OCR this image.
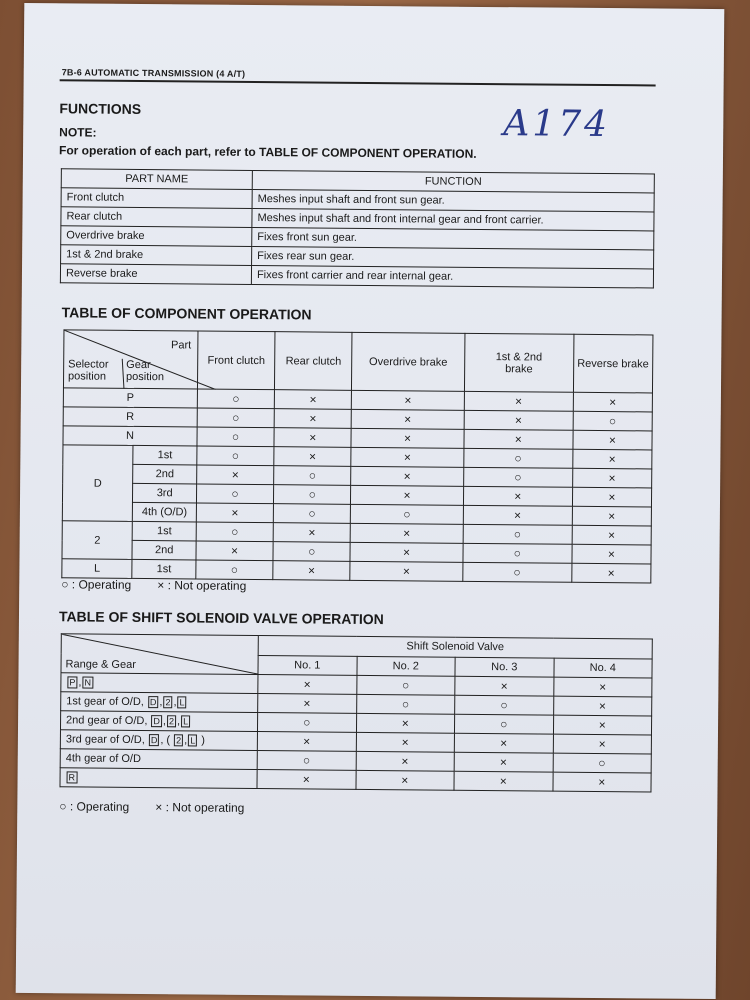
7B-6 AUTOMATIC TRANSMISSION (4 A/T)
A174
FUNCTIONS
NOTE:
For operation of each part, refer to TABLE OF COMPONENT OPERATION.
PART NAME	FUNCTION
Front clutch	Meshes input shaft and front sun gear.
Rear clutch	Meshes input shaft and front internal gear and front carrier.
Overdrive brake	Fixes front sun gear.
1st & 2nd brake	Fixes rear sun gear.
Reverse brake	Fixes front carrier and rear internal gear.
TABLE OF COMPONENT OPERATION
Part
Gear position
Selector position		Front clutch	Rear clutch	Overdrive brake	1st & 2nd brake	Reverse brake
P		○	×	×	×	×
R		○	×	×	×	○
N		○	×	×	×	×
D	1st	○	×	×	○	×
	2nd	×	○	×	○	×
	3rd	○	○	×	×	×
	4th (O/D)	×	○	○	×	×
2	1st	○	×	×	○	×
	2nd	×	○	×	○	×
L	1st	○	×	×	○	×
○ : Operating × : Not operating
TABLE OF SHIFT SOLENOID VALVE OPERATION
Range & Gear	Shift Solenoid Valve			
	No. 1	No. 2	No. 3	No. 4
P , N	×	○	×	×
1st gear of O/D, D , 2 , L	×	○	○	×
2nd gear of O/D, D , 2 , L	○	×	○	×
3rd gear of O/D, D , ( 2 , L )	×	×	×	×
4th gear of O/D	○	×	×	○
R	×	×	×	×
○ : Operating × : Not operating
